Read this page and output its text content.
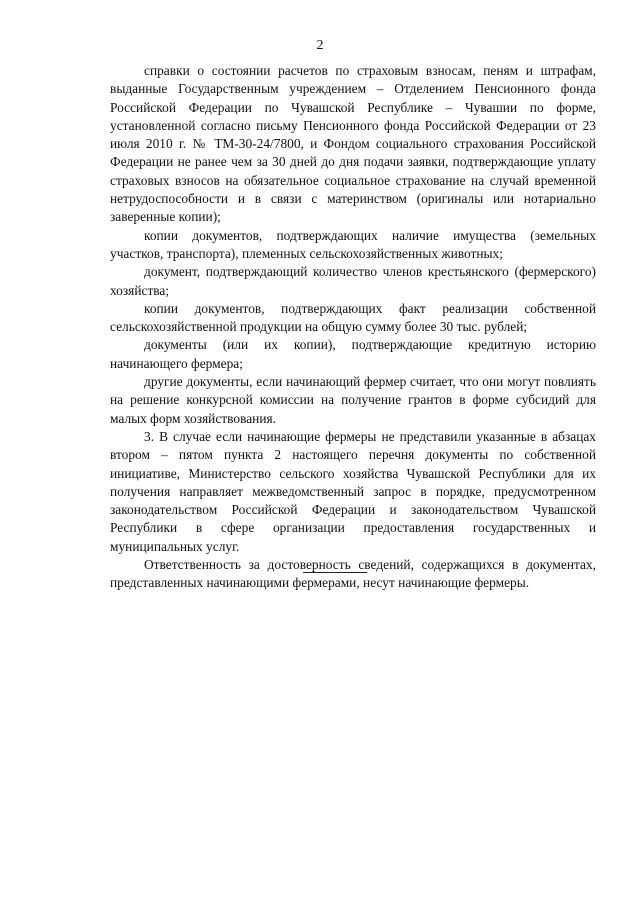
2

справки о состоянии расчетов по страховым взносам, пеням и штрафам, выданные Государственным учреждением – Отделением Пенсионного фонда Российской Федерации по Чувашской Республике – Чувашии по форме, установленной согласно письму Пенсионного фонда Российской Федерации от 23 июля 2010 г. № ТМ-30-24/7800, и Фондом социального страхования Российской Федерации не ранее чем за 30 дней до дня подачи заявки, подтверждающие уплату страховых взносов на обязательное социальное страхование на случай временной нетрудоспособности и в связи с материнством (оригиналы или нотариально заверенные копии);

копии документов, подтверждающих наличие имущества (земельных участков, транспорта), племенных сельскохозяйственных животных;

документ, подтверждающий количество членов крестьянского (фермерского) хозяйства;

копии документов, подтверждающих факт реализации собственной сельскохозяйственной продукции на общую сумму более 30 тыс. рублей;

документы (или их копии), подтверждающие кредитную историю начинающего фермера;

другие документы, если начинающий фермер считает, что они могут повлиять на решение конкурсной комиссии на получение грантов в форме субсидий для малых форм хозяйствования.

3. В случае если начинающие фермеры не представили указанные в абзацах втором – пятом пункта 2 настоящего перечня документы по собственной инициативе, Министерство сельского хозяйства Чувашской Республики для их получения направляет межведомственный запрос в порядке, предусмотренном законодательством Российской Федерации и законодательством Чувашской Республики в сфере организации предоставления государственных и муниципальных услуг.

Ответственность за достоверность сведений, содержащихся в документах, представленных начинающими фермерами, несут начинающие фермеры.
